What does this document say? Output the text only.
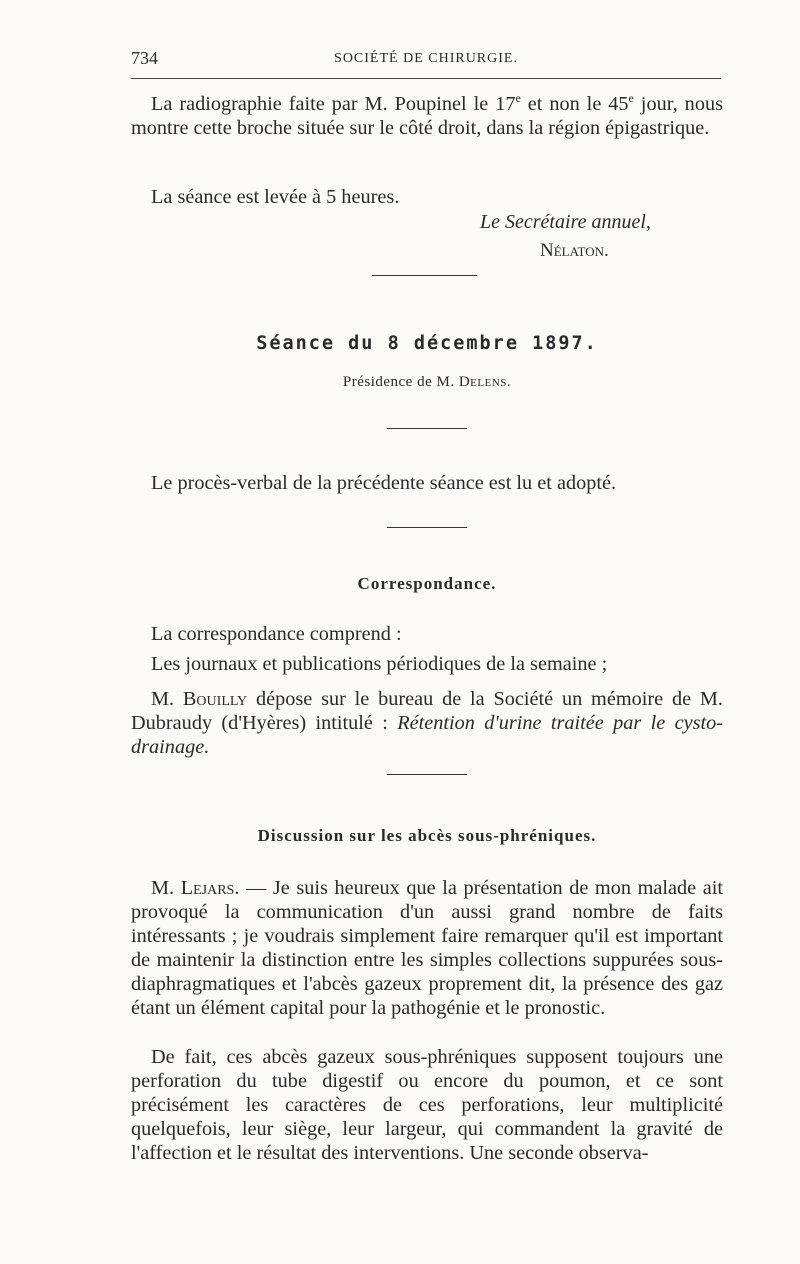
734	SOCIÉTÉ DE CHIRURGIE.

La radiographie faite par M. Poupinel le 17e et non le 45e jour, nous montre cette broche située sur le côté droit, dans la région épigastrique.

La séance est levée à 5 heures.

Le Secrétaire annuel,
Nélaton.
Séance du 8 décembre 1897.
Présidence de M. Delens.

Le procès-verbal de la précédente séance est lu et adopté.

Correspondance.

La correspondance comprend :

Les journaux et publications périodiques de la semaine ;

M. Bouilly dépose sur le bureau de la Société un mémoire de M. Dubraudy (d'Hyères) intitulé : Rétention d'urine traitée par le cysto-drainage.

Discussion sur les abcès sous-phréniques.

M. Lejars. — Je suis heureux que la présentation de mon malade ait provoqué la communication d'un aussi grand nombre de faits intéressants ; je voudrais simplement faire remarquer qu'il est important de maintenir la distinction entre les simples collections suppurées sous-diaphragmatiques et l'abcès gazeux proprement dit, la présence des gaz étant un élément capital pour la pathogénie et le pronostic.

De fait, ces abcès gazeux sous-phréniques supposent toujours une perforation du tube digestif ou encore du poumon, et ce sont précisément les caractères de ces perforations, leur multiplicité quelquefois, leur siège, leur largeur, qui commandent la gravité de l'affection et le résultat des interventions. Une seconde observa-
